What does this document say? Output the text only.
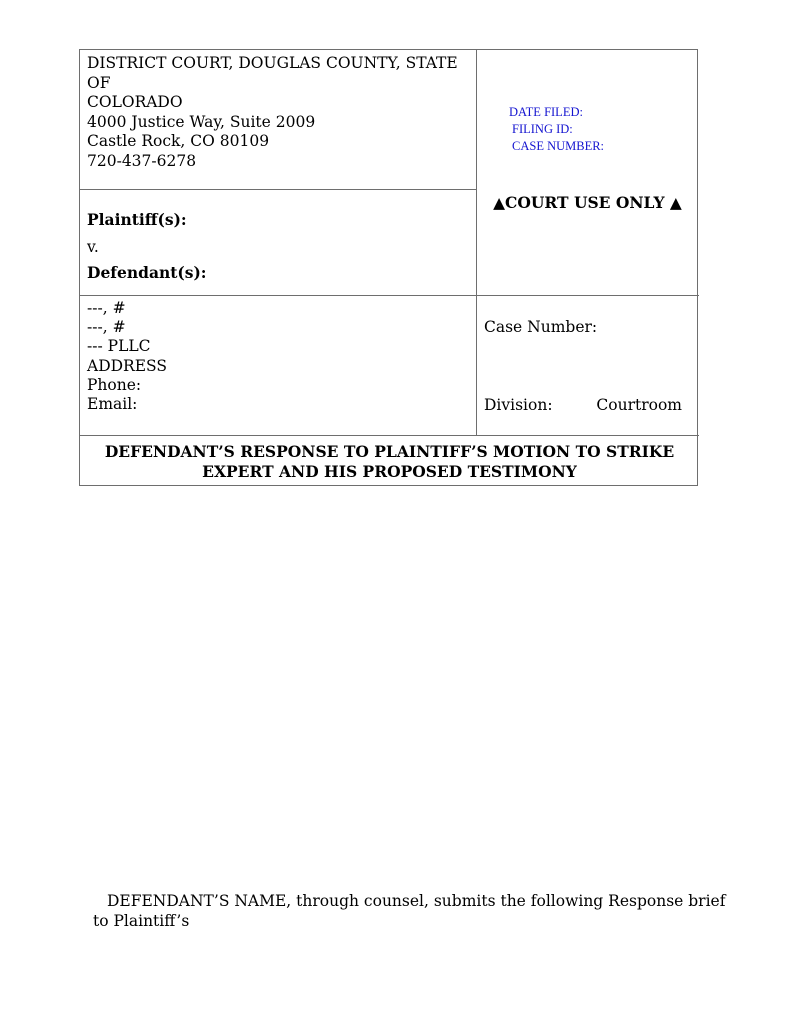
DISTRICT COURT, DOUGLAS COUNTY, STATE
OF
COLORADO
4000 Justice Way, Suite 2009
Castle Rock, CO 80109
720-437-6278
DATE FILED:
FILING ID:
CASE NUMBER:
▲COURT USE ONLY ▲
Plaintiff(s):
v.
Defendant(s):
---, #
---, #
--- PLLC
ADDRESS
Phone:
Email:
Case Number:
Division:	Courtroom
DEFENDANT’S RESPONSE TO PLAINTIFF’S MOTION TO STRIKE
EXPERT AND HIS PROPOSED TESTIMONY
DEFENDANT’S NAME, through counsel, submits the following Response brief
to Plaintiff’s
